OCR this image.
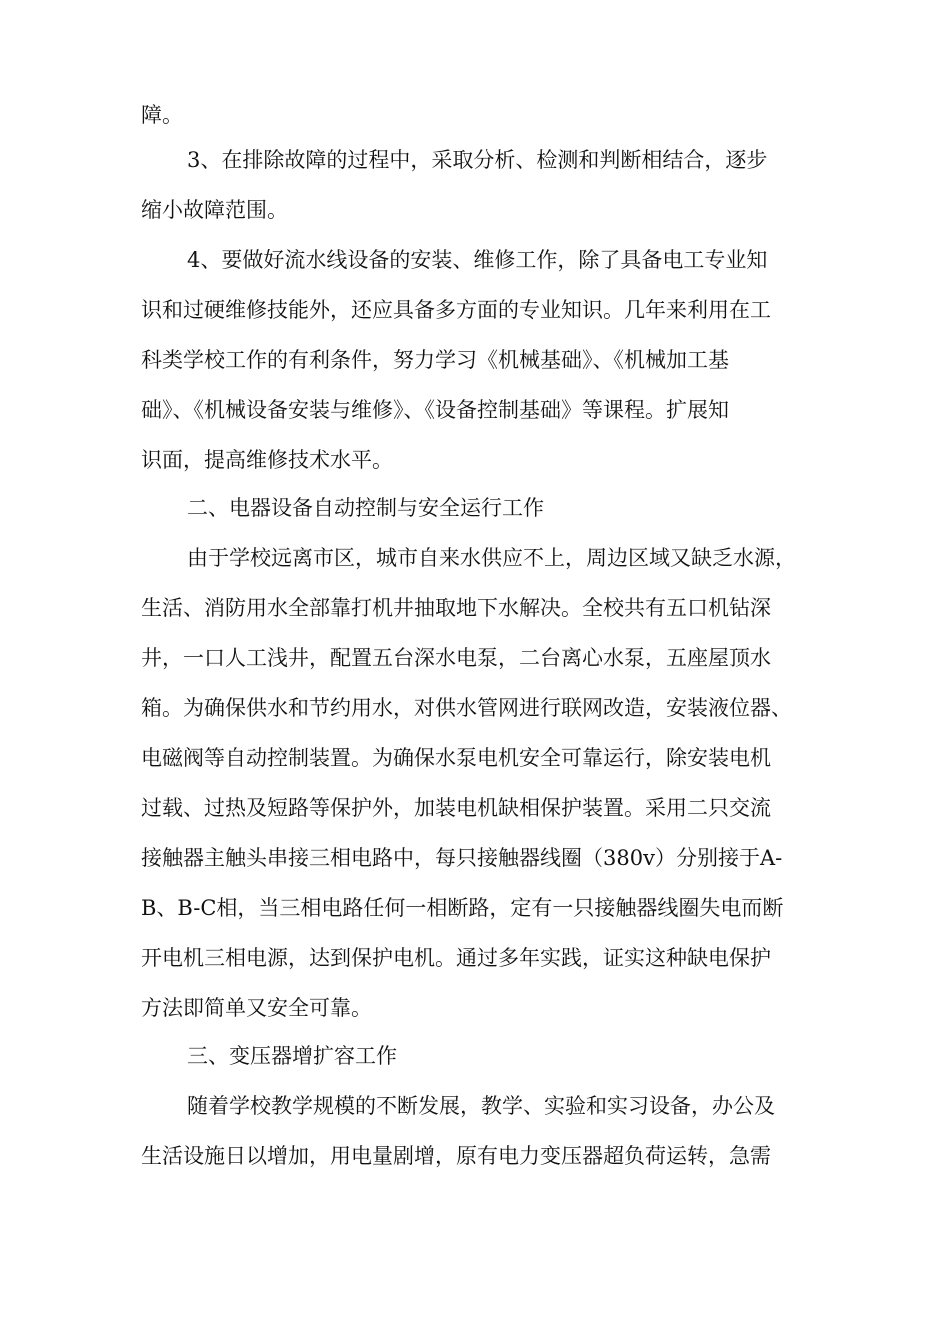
障。
3、在排除故障的过程中，采取分析、检测和判断相结合，逐步
缩小故障范围。
4、要做好流水线设备的安装、维修工作，除了具备电工专业知
识和过硬维修技能外，还应具备多方面的专业知识。几年来利用在工
科类学校工作的有利条件，努力学习《机械基础》、《机械加工基
础》、《机械设备安装与维修》、《设备控制基础》等课程。扩展知
识面，提高维修技术水平。
二、电器设备自动控制与安全运行工作
由于学校远离市区，城市自来水供应不上，周边区域又缺乏水源，
生活、消防用水全部靠打机井抽取地下水解决。全校共有五口机钻深
井，一口人工浅井，配置五台深水电泵，二台离心水泵，五座屋顶水
箱。为确保供水和节约用水，对供水管网进行联网改造，安装液位器、
电磁阀等自动控制装置。为确保水泵电机安全可靠运行，除安装电机
过载、过热及短路等保护外，加装电机缺相保护装置。采用二只交流
接触器主触头串接三相电路中，每只接触器线圈（380v）分别接于A-
B、B-C相，当三相电路任何一相断路，定有一只接触器线圈失电而断
开电机三相电源，达到保护电机。通过多年实践，证实这种缺电保护
方法即简单又安全可靠。
三、变压器增扩容工作
随着学校教学规模的不断发展，教学、实验和实习设备，办公及
生活设施日以增加，用电量剧增，原有电力变压器超负荷运转，急需
